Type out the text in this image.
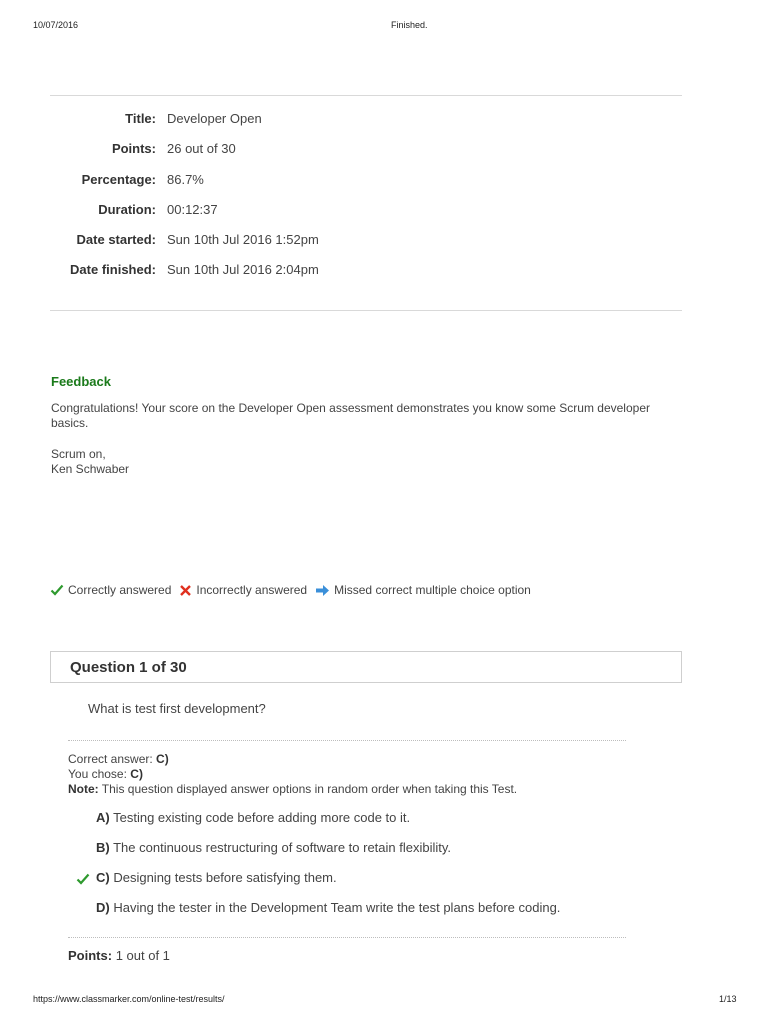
10/07/2016	Finished.
Title: Developer Open
Points: 26 out of 30
Percentage: 86.7%
Duration: 00:12:37
Date started: Sun 10th Jul 2016 1:52pm
Date finished: Sun 10th Jul 2016 2:04pm
Feedback
Congratulations! Your score on the Developer Open assessment demonstrates you know some Scrum developer basics.
Scrum on,
Ken Schwaber
Correctly answered Incorrectly answered Missed correct multiple choice option
Question 1 of 30
What is test first development?
Correct answer: C)
You chose: C)
Note: This question displayed answer options in random order when taking this Test.
A) Testing existing code before adding more code to it.
B) The continuous restructuring of software to retain flexibility.
C) Designing tests before satisfying them.
D) Having the tester in the Development Team write the test plans before coding.
Points: 1 out of 1
https://www.classmarker.com/online-test/results/	1/13
